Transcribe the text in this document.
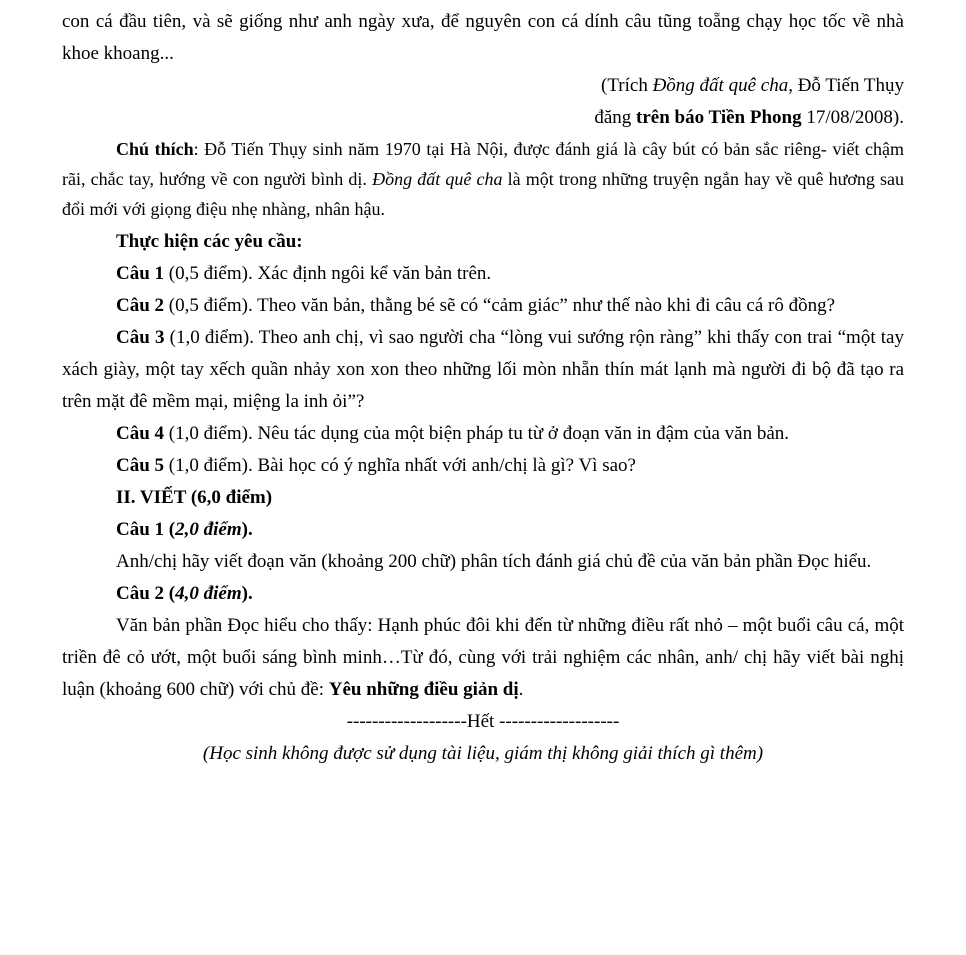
con cá đầu tiên, và sẽ giống như anh ngày xưa, để nguyên con cá dính câu tũng toẵng chạy học tốc về nhà khoe khoang...

(Trích Đồng đất quê cha, Đỗ Tiến Thụy

đăng trên báo Tiền Phong 17/08/2008).

Chú thích: Đỗ Tiến Thụy sinh năm 1970 tại Hà Nội, được đánh giá là cây bút có bản sắc riêng- viết chậm rãi, chắc tay, hướng về con người bình dị. Đồng đất quê cha là một trong những truyện ngắn hay về quê hương sau đổi mới với giọng điệu nhẹ nhàng, nhân hậu.

Thực hiện các yêu cầu:

Câu 1 (0,5 điểm). Xác định ngôi kể văn bản trên.

Câu 2 (0,5 điểm). Theo văn bản, thằng bé sẽ có “cảm giác” như thế nào khi đi câu cá rô đồng?

Câu 3 (1,0 điểm). Theo anh chị, vì sao người cha “lòng vui sướng rộn ràng” khi thấy con trai “một tay xách giày, một tay xếch quần nhảy xon xon theo những lối mòn nhẵn thín mát lạnh mà người đi bộ đã tạo ra trên mặt đê mềm mại, miệng la inh ỏi”?

Câu 4 (1,0 điểm). Nêu tác dụng của một biện pháp tu từ ở đoạn văn in đậm của văn bản.

Câu 5 (1,0 điểm). Bài học có ý nghĩa nhất với anh/chị là gì? Vì sao?

II. VIẾT (6,0 điểm)

Câu 1 (2,0 điểm).

Anh/chị hãy viết đoạn văn (khoảng 200 chữ) phân tích đánh giá chủ đề của văn bản phần Đọc hiểu.

Câu 2 (4,0 điểm).

Văn bản phần Đọc hiểu cho thấy: Hạnh phúc đôi khi đến từ những điều rất nhỏ – một buổi câu cá, một triền đê cỏ ướt, một buổi sáng bình minh…Từ đó, cùng với trải nghiệm các nhân, anh/ chị hãy viết bài nghị luận (khoảng 600 chữ) với chủ đề: Yêu những điều giản dị.

-------------------Hết -------------------

(Học sinh không được sử dụng tài liệu, giám thị không giải thích gì thêm)
